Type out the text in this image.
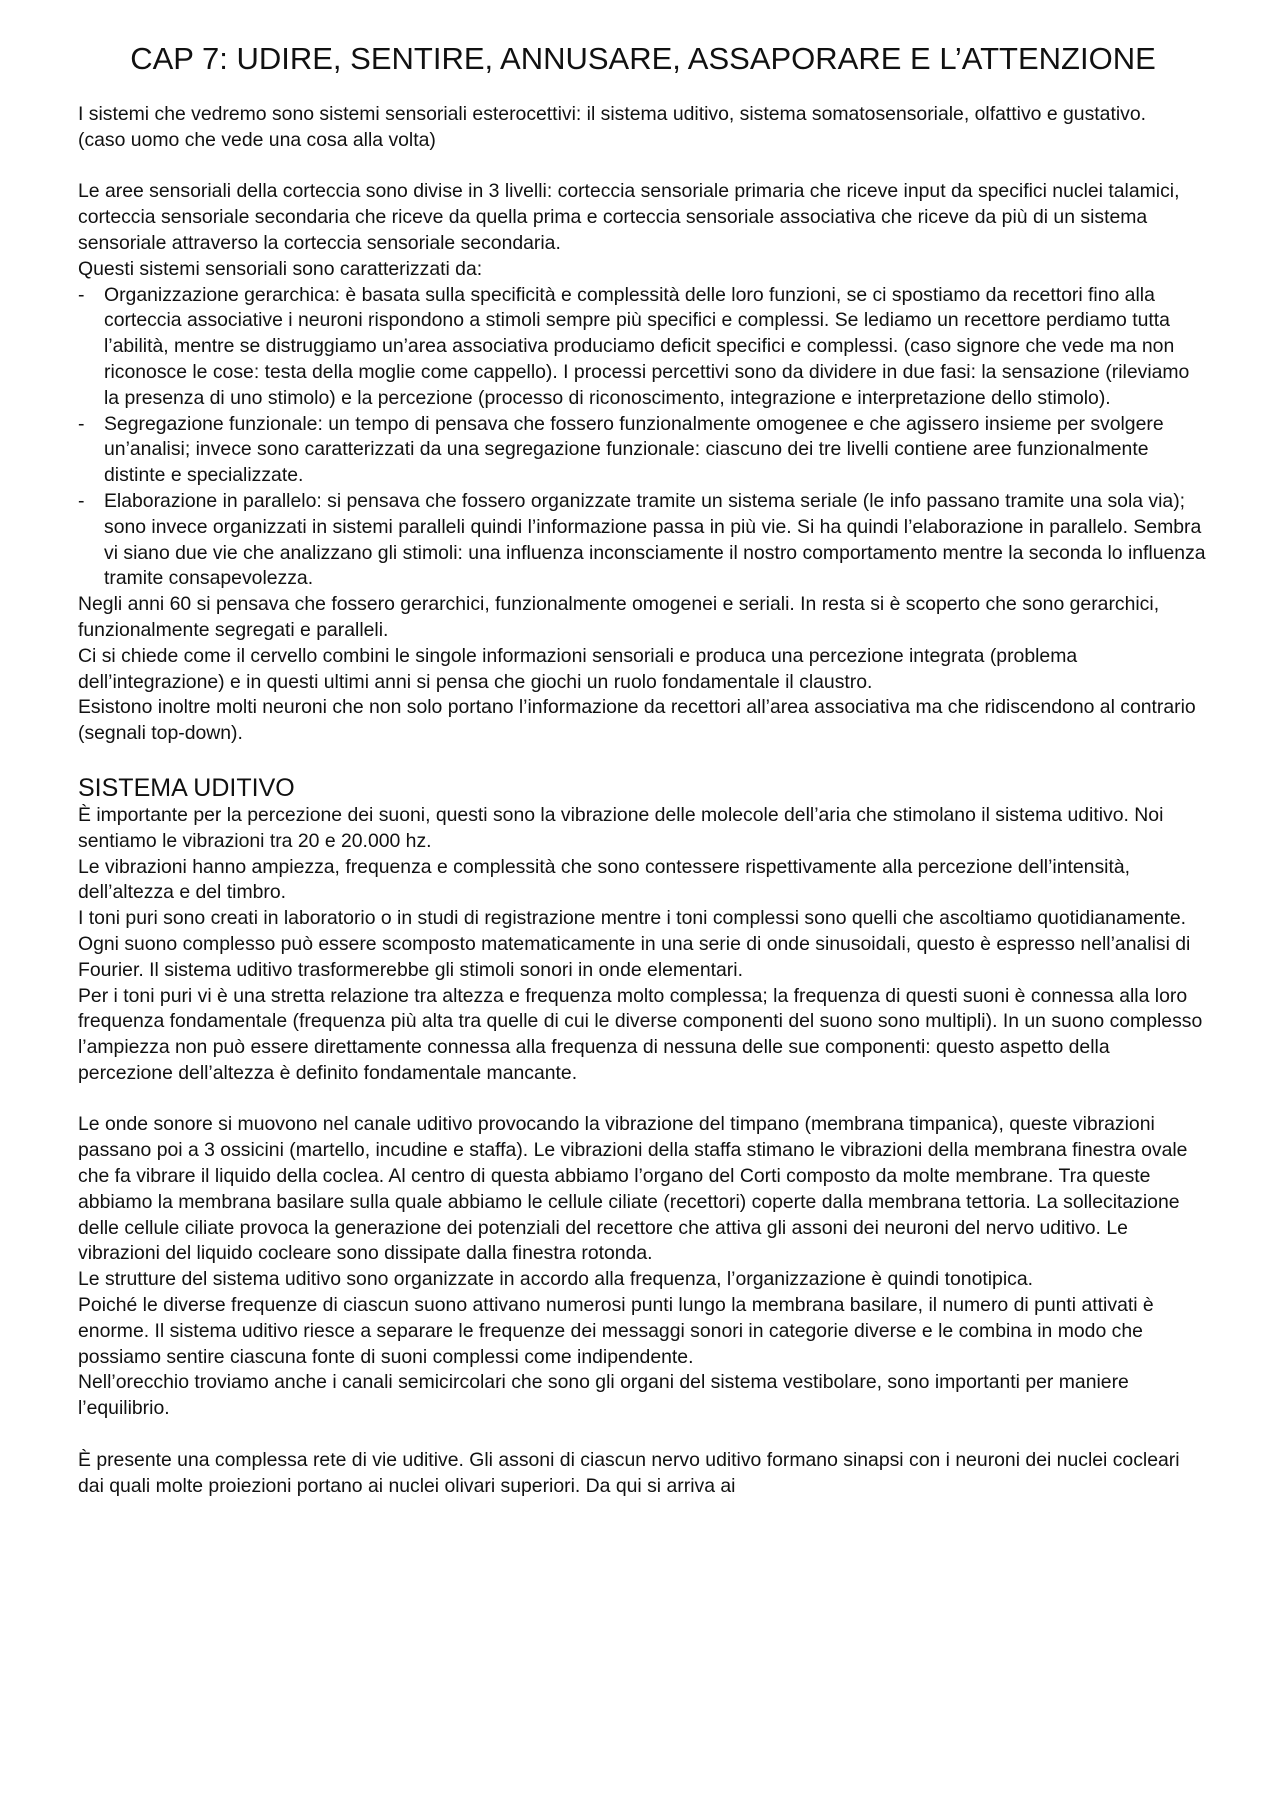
CAP 7: UDIRE, SENTIRE, ANNUSARE, ASSAPORARE E L’ATTENZIONE

I sistemi che vedremo sono sistemi sensoriali esterocettivi: il sistema uditivo, sistema somatosensoriale, olfattivo e gustativo.

(caso uomo che vede una cosa alla volta)

Le aree sensoriali della corteccia sono divise in 3 livelli: corteccia sensoriale primaria che riceve input da specifici nuclei talamici, corteccia sensoriale secondaria che riceve da quella prima e corteccia sensoriale associativa che riceve da più di un sistema sensoriale attraverso la corteccia sensoriale secondaria.

Questi sistemi sensoriali sono caratterizzati da:

- Organizzazione gerarchica: è basata sulla specificità e complessità delle loro funzioni, se ci spostiamo da recettori fino alla corteccia associative i neuroni rispondono a stimoli sempre più specifici e complessi. Se lediamo un recettore perdiamo tutta l’abilità, mentre se distruggiamo un’area associativa produciamo deficit specifici e complessi. (caso signore che vede ma non riconosce le cose: testa della moglie come cappello). I processi percettivi sono da dividere in due fasi: la sensazione (rileviamo la presenza di uno stimolo) e la percezione (processo di riconoscimento, integrazione e interpretazione dello stimolo).
- Segregazione funzionale: un tempo di pensava che fossero funzionalmente omogenee e che agissero insieme per svolgere un’analisi; invece sono caratterizzati da una segregazione funzionale: ciascuno dei tre livelli contiene aree funzionalmente distinte e specializzate.
- Elaborazione in parallelo: si pensava che fossero organizzate tramite un sistema seriale (le info passano tramite una sola via); sono invece organizzati in sistemi paralleli quindi l’informazione passa in più vie. Si ha quindi l’elaborazione in parallelo. Sembra vi siano due vie che analizzano gli stimoli: una influenza inconsciamente il nostro comportamento mentre la seconda lo influenza tramite consapevolezza.

Negli anni 60 si pensava che fossero gerarchici, funzionalmente omogenei e seriali. In resta si è scoperto che sono gerarchici, funzionalmente segregati e paralleli.

Ci si chiede come il cervello combini le singole informazioni sensoriali e produca una percezione integrata (problema dell’integrazione) e in questi ultimi anni si pensa che giochi un ruolo fondamentale il claustro.

Esistono inoltre molti neuroni che non solo portano l’informazione da recettori all’area associativa ma che ridiscendono al contrario (segnali top-down).

SISTEMA UDITIVO

È importante per la percezione dei suoni, questi sono la vibrazione delle molecole dell’aria che stimolano il sistema uditivo. Noi sentiamo le vibrazioni tra 20 e 20.000 hz.

Le vibrazioni hanno ampiezza, frequenza e complessità che sono contessere rispettivamente alla percezione dell’intensità, dell’altezza e del timbro.

I toni puri sono creati in laboratorio o in studi di registrazione mentre i toni complessi sono quelli che ascoltiamo quotidianamente. Ogni suono complesso può essere scomposto matematicamente in una serie di onde sinusoidali, questo è espresso nell’analisi di Fourier. Il sistema uditivo trasformerebbe gli stimoli sonori in onde elementari.

Per i toni puri vi è una stretta relazione tra altezza e frequenza molto complessa; la frequenza di questi suoni è connessa alla loro frequenza fondamentale (frequenza più alta tra quelle di cui le diverse componenti del suono sono multipli). In un suono complesso l’ampiezza non può essere direttamente connessa alla frequenza di nessuna delle sue componenti: questo aspetto della percezione dell’altezza è definito fondamentale mancante.

Le onde sonore si muovono nel canale uditivo provocando la vibrazione del timpano (membrana timpanica), queste vibrazioni passano poi a 3 ossicini (martello, incudine e staffa). Le vibrazioni della staffa stimano le vibrazioni della membrana finestra ovale che fa vibrare il liquido della coclea. Al centro di questa abbiamo l’organo del Corti composto da molte membrane. Tra queste abbiamo la membrana basilare sulla quale abbiamo le cellule ciliate (recettori) coperte dalla membrana tettoria. La sollecitazione delle cellule ciliate provoca la generazione dei potenziali del recettore che attiva gli assoni dei neuroni del nervo uditivo. Le vibrazioni del liquido cocleare sono dissipate dalla finestra rotonda.

Le strutture del sistema uditivo sono organizzate in accordo alla frequenza, l’organizzazione è quindi tonotipica.

Poiché le diverse frequenze di ciascun suono attivano numerosi punti lungo la membrana basilare, il numero di punti attivati è enorme. Il sistema uditivo riesce a separare le frequenze dei messaggi sonori in categorie diverse e le combina in modo che possiamo sentire ciascuna fonte di suoni complessi come indipendente.

Nell’orecchio troviamo anche i canali semicircolari che sono gli organi del sistema vestibolare, sono importanti per maniere l’equilibrio.

È presente una complessa rete di vie uditive. Gli assoni di ciascun nervo uditivo formano sinapsi con i neuroni dei nuclei cocleari dai quali molte proiezioni portano ai nuclei olivari superiori. Da qui si arriva ai
